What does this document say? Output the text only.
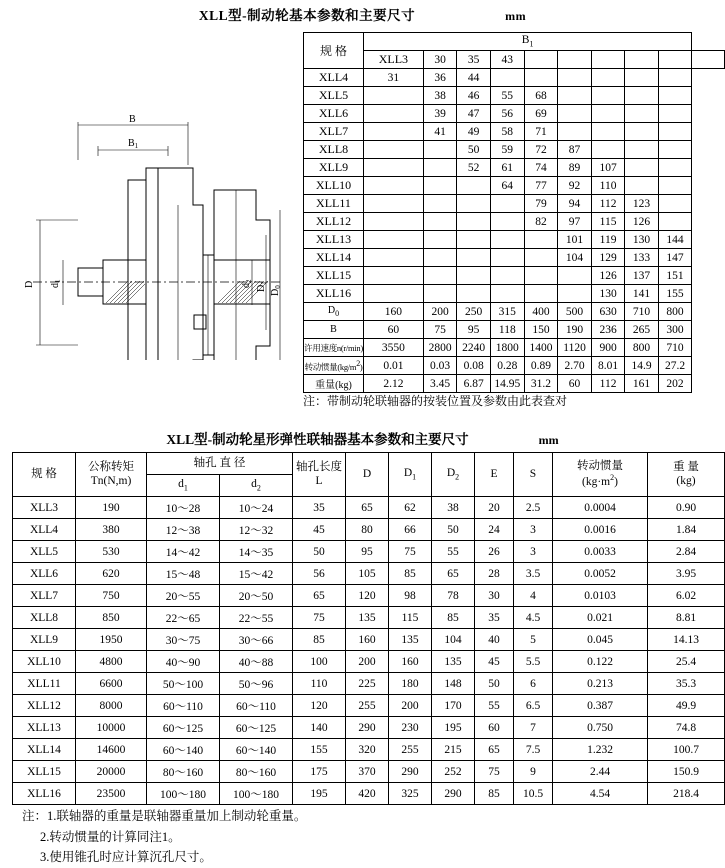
XLL型-制动轮基本参数和主要尺寸	mm
B
$B_1$
D $d_1$
$d_2$
$D_1$
$D_0$
规 格	$B_1$
	XLL3	30	35	43						
XLL4	31	36	44							
XLL5		38	46	55	68					
XLL6		39	47	56	69					
XLL7		41	49	58	71					
XLL8			50	59	72	87				
XLL9			52	61	74	89	107			
XLL10				64	77	92	110			
XLL11					79	94	112	123		
XLL12					82	97	115	126		
XLL13						101	119	130	144	
XLL14						104	129	133	147	
XLL15							126	137	151	
XLL16							130	141	155	
$D_0$	160	200	250	315	400	500	630	710	800	
B	60	75	95	118	150	190	236	265	300	
许用速度n(r/min)	3550	2800	2240	1800	1400	1120	900	800	710	
转动惯量(kg/m2)	0.01	0.03	0.08	0.28	0.89	2.70	8.01	14.9	27.2	
重量(kg)	2.12	3.45	6.87	14.95	31.2	60	112	161	202	
注：带制动轮联轴器的按装位置及参数由此表查对
XLL型-制动轮星形弹性联轴器基本参数和主要尺寸	mm
规 格	
公称转矩
Tn(N,m)
	轴孔 直 径	轴孔长度
L
	D	$D_1$	$D_2$	E	S	
转动惯量
$(kg\cdot m^2)$

重 量
(kg)

		$d_1$	$d_2$
XLL3	190	10～28	10～24	35	65	62	38	20	2.5	0.0004	0.90
XLL4	380	12～38	12～32	45	80	66	50	24	3	0.0016	1.84
XLL5	530	14～42	14～35	50	95	75	55	26	3	0.0033	2.84
XLL6	620	15～48	15～42	56	105	85	65	28	3.5	0.0052	3.95
XLL7	750	20～55	20～50	65	120	98	78	30	4	0.0103	6.02
XLL8	850	22～65	22～55	75	135	115	85	35	4.5	0.021	8.81
XLL9	1950	30～75	30～66	85	160	135	104	40	5	0.045	14.13
XLL10	4800	40～90	40～88	100	200	160	135	45	5.5	0.122	25.4
XLL11	6600	50～100	50～96	110	225	180	148	50	6	0.213	35.3
XLL12	8000	60～110	60～110	120	255	200	170	55	6.5	0.387	49.9
XLL13	10000	60～125	60～125	140	290	230	195	60	7	0.750	74.8
XLL14	14600	60～140	60～140	155	320	255	215	65	7.5	1.232	100.7
XLL15	20000	80～160	80～160	175	370	290	252	75	9	2.44	150.9
XLL16	23500	100～180	100～180	195	420	325	290	85	10.5	4.54	218.4
注：1.联轴器的重量是联轴器重量加上制动轮重量。
2.转动惯量的计算同注1。
3.使用锥孔时应计算沉孔尺寸。
